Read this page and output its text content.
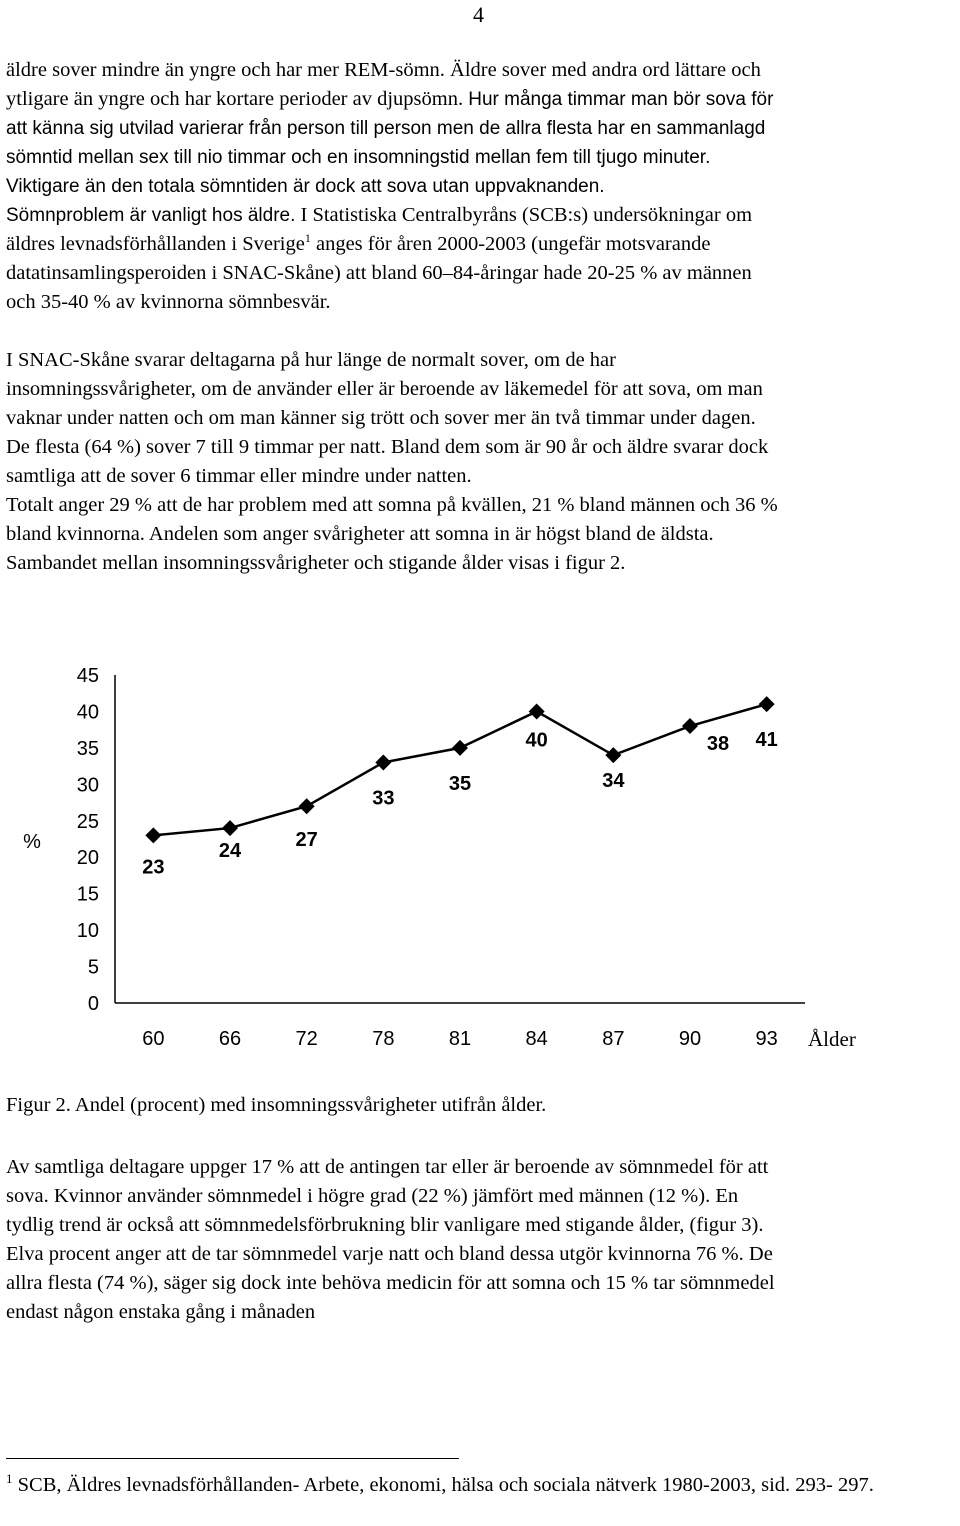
4

äldre sover mindre än yngre och har mer REM-sömn. Äldre sover med andra ord lättare och
ytligare än yngre och har kortare perioder av djupsömn. Hur många timmar man bör sova för
att känna sig utvilad varierar från person till person men de allra flesta har en sammanlagd
sömntid mellan sex till nio timmar och en insomningstid mellan fem till tjugo minuter.
Viktigare än den totala sömntiden är dock att sova utan uppvaknanden.
Sömnproblem är vanligt hos äldre. I Statistiska Centralbyråns (SCB:s) undersökningar om
äldres levnadsförhållanden i Sverige$^1$ anges för åren 2000-2003 (ungefär motsvarande
datatinsamlingsperoiden i SNAC-Skåne) att bland 60–84-åringar hade 20-25 % av männen
och 35-40 % av kvinnorna sömnbesvär.

I SNAC-Skåne svarar deltagarna på hur länge de normalt sover, om de har
insomningssvårigheter, om de använder eller är beroende av läkemedel för att sova, om man
vaknar under natten och om man känner sig trött och sover mer än två timmar under dagen.
De flesta (64 %) sover 7 till 9 timmar per natt. Bland dem som är 90 år och äldre svarar dock
samtliga att de sover 6 timmar eller mindre under natten.
Totalt anger 29 % att de har problem med att somna på kvällen, 21 % bland männen och 36 %
bland kvinnorna. Andelen som anger svårigheter att somna in är högst bland de äldsta.
Sambandet mellan insomningssvårigheter och stigande ålder visas i figur 2.

0
5
10
15
20
25
30
35
40
45
60	66	72	78	81	84	87	90	93
%
Ålder
23
24	27
33
35
40
34
38 41

Figur 2. Andel (procent) med insomningssvårigheter utifrån ålder.

Av samtliga deltagare uppger 17 % att de antingen tar eller är beroende av sömnmedel för att
sova. Kvinnor använder sömnmedel i högre grad (22 %) jämfört med männen (12 %). En
tydlig trend är också att sömnmedelsförbrukning blir vanligare med stigande ålder, (figur 3).
Elva procent anger att de tar sömnmedel varje natt och bland dessa utgör kvinnorna 76 %. De
allra flesta (74 %), säger sig dock inte behöva medicin för att somna och 15 % tar sömnmedel
endast någon enstaka gång i månaden

$^1$ SCB, Äldres levnadsförhållanden- Arbete, ekonomi, hälsa och sociala nätverk 1980-2003, sid. 293- 297.
